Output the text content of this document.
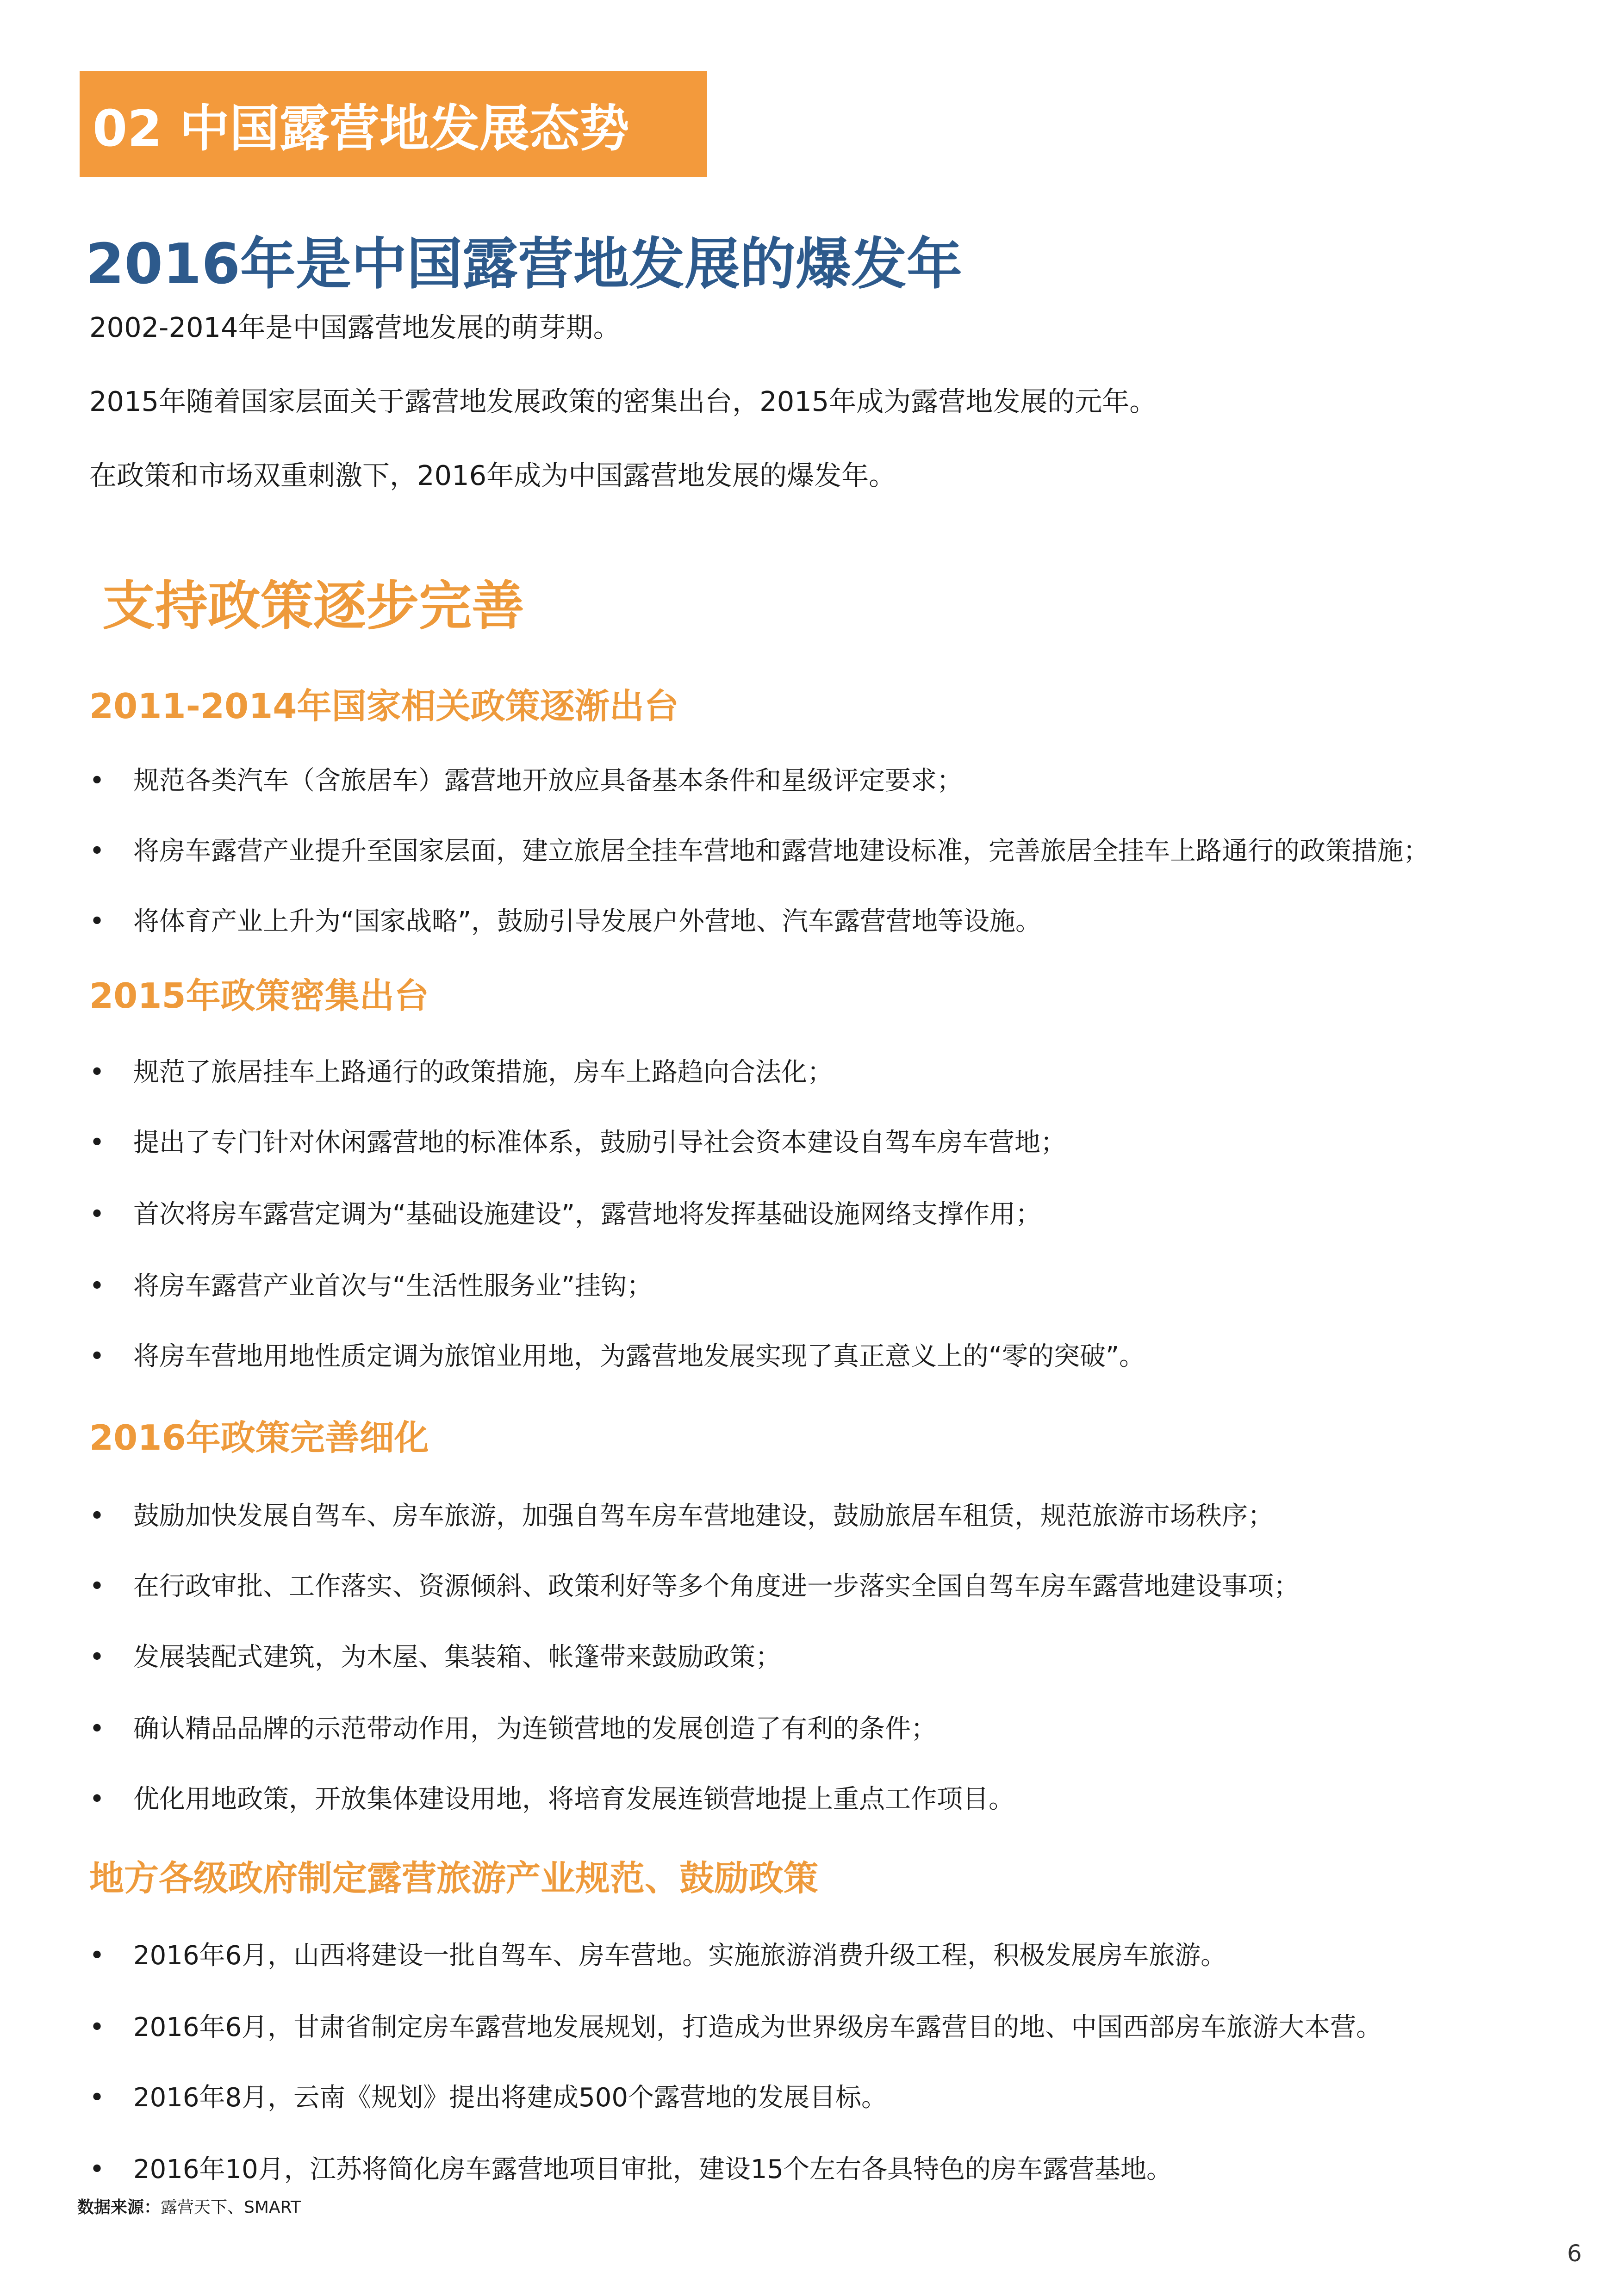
02 中国露营地发展态势
2016年是中国露营地发展的爆发年
2002-2014年是中国露营地发展的萌芽期。
2015年随着国家层面关于露营地发展政策的密集出台，2015年成为露营地发展的元年。
在政策和市场双重刺激下，2016年成为中国露营地发展的爆发年。
支持政策逐步完善
2011-2014年国家相关政策逐渐出台
•	规范各类汽车（含旅居车）露营地开放应具备基本条件和星级评定要求；
•	将房车露营产业提升至国家层面，建立旅居全挂车营地和露营地建设标准，完善旅居全挂车上路通行的政策措施；
•	将体育产业上升为“国家战略”，鼓励引导发展户外营地、汽车露营营地等设施。
2015年政策密集出台
•	规范了旅居挂车上路通行的政策措施，房车上路趋向合法化；
•	提出了专门针对休闲露营地的标准体系，鼓励引导社会资本建设自驾车房车营地；
•	首次将房车露营定调为“基础设施建设”，露营地将发挥基础设施网络支撑作用；
•	将房车露营产业首次与“生活性服务业”挂钩；
•	将房车营地用地性质定调为旅馆业用地，为露营地发展实现了真正意义上的“零的突破”。
2016年政策完善细化
•	鼓励加快发展自驾车、房车旅游，加强自驾车房车营地建设，鼓励旅居车租赁，规范旅游市场秩序；
•	在行政审批、工作落实、资源倾斜、政策利好等多个角度进一步落实全国自驾车房车露营地建设事项；
•	发展装配式建筑，为木屋、集装箱、帐篷带来鼓励政策；
•	确认精品品牌的示范带动作用，为连锁营地的发展创造了有利的条件；
•	优化用地政策，开放集体建设用地，将培育发展连锁营地提上重点工作项目。
地方各级政府制定露营旅游产业规范、鼓励政策
•	2016年6月，山西将建设一批自驾车、房车营地。实施旅游消费升级工程，积极发展房车旅游。
•	2016年6月，甘肃省制定房车露营地发展规划，打造成为世界级房车露营目的地、中国西部房车旅游大本营。
•	2016年8月，云南《规划》提出将建成500个露营地的发展目标。
•	2016年10月，江苏将简化房车露营地项目审批，建设15个左右各具特色的房车露营基地。
数据来源：露营天下、SMART
6
